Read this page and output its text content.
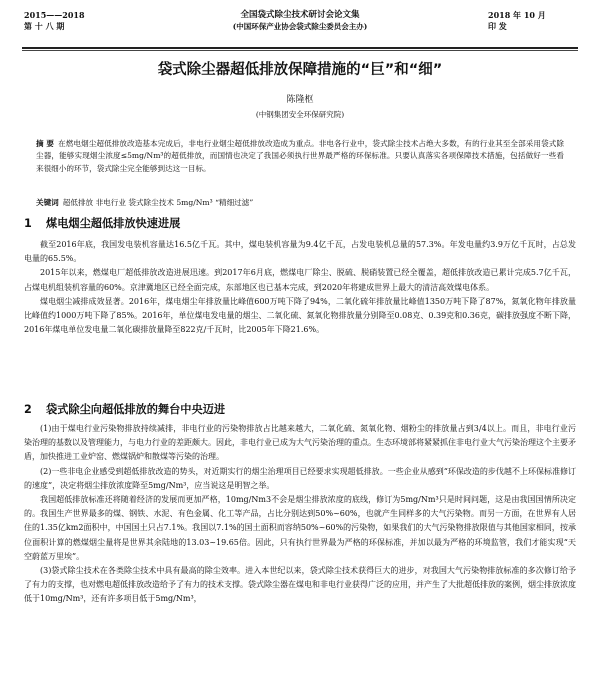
2015——2018
第 十 八 期
全国袋式除尘技术研讨会论文集
(中国环保产业协会袋式除尘委员会主办)
2018 年 10 月
印 发
袋式除尘器超低排放保障措施的“巨”和“细”
陈隆枢
(中钢集团安全环保研究院)
摘 要 在燃电烟尘超低排放改造基本完成后，非电行业烟尘超低排放改造成为重点。非电各行业中，袋式除尘技术占绝大多数，有的行业其至全部采用袋式除尘器，能够实现烟尘浓度≤5mg/Nm³的超低排放，而国情也决定了我国必须执行世界最严格的环保标准。只要认真落实各项保障技术措施，包括做好一些看来很细小的环节，袋式除尘完全能够到达这一目标。
关键词 超低排放 非电行业 袋式除尘技术 5mg/Nm³ “精细过滤”
1 煤电烟尘超低排放快速进展

截至2016年底，我国发电装机容量达16.5亿千瓦。其中，煤电装机容量为9.4亿千瓦，占发电装机总量的57.3%。年发电量约3.9万亿千瓦时，占总发电量的65.5%。

2015年以来，燃煤电厂超低排放改造进展迅速。到2017年6月底，燃煤电厂除尘、脱硫、脱硝装置已经全覆盖，超低排放改造已累计完成5.7亿千瓦，占煤电机组装机容量的60%。京津冀地区已经全面完成，东部地区也已基本完成，到2020年将建成世界上最大的清洁高效煤电体系。

煤电烟尘减排成效显著。2016年，煤电烟尘年排放量比峰值600万吨下降了94%，二氧化硫年排放量比峰值1350万吨下降了87%，氮氧化物年排放量比峰值约1000万吨下降了85%。2016年，单位煤电发电量的烟尘、二氧化硫、氮氧化物排放量分别降至0.08克、0.39克和0.36克，碳排放强度不断下降，2016年煤电单位发电量二氧化碳排放量降至822克/千瓦时，比2005年下降21.6%。

2 袋式除尘向超低排放的舞台中央迈进

(1)由于煤电行业污染物排放持续减排，非电行业的污染物排放占比越来越大，二氧化硫、氮氧化物、烟粉尘的排放量占到3/4以上。而且，非电行业污染治理的基数以及管理能力，与电力行业的差距颇大。因此，非电行业已成为大气污染治理的重点。生态环境部将紧紧抓住非电行业大气污染治理这个主要矛盾，加快推进工业炉窑、燃煤锅炉和散煤等污染的治理。

(2)一些非电企业感受到超低排放改造的势头，对近期实行的烟尘治理项目已经要求实现超低排放。一些企业从感到“环保改造的步伐越不上环保标准修订的速度”，决定将烟尘排放浓度降至5mg/Nm³，应当说这是明智之举。

我国超低排放标准还将随着经济的发展而更加严格，10mg/Nm3不会是烟尘排放浓度的底线，修订为5mg/Nm³只是时间问题，这是由我国国情所决定的。我国生产世界最多的煤、钢铁、水泥、有色金属、化工等产品，占比分别达到50%~60%，也就产生同样多的大气污染物。而另一方面，在世界有人居住的1.35亿km2面积中，中国国土只占7.1%。我国以7.1%的国土面积而容纳50%~60%的污染物，如果我们的大气污染物排放限值与其他国家相同，按承位面积计算的燃煤烟尘量将是世界其余陆地的13.03~19.65倍。因此，只有执行世界最为严格的环保标准，并加以最为严格的环境监管，我们才能实现“天空蔚蓝万里埃”。

(3)袋式除尘技术在各类除尘技术中具有最高的除尘效率。进入本世纪以来，袋式除尘技术获得巨大的进步，对我国大气污染物排放标准的多次修订给予了有力的支撑，也对燃电超低排放改造给予了有力的技术支撑。袋式除尘器在煤电和非电行业获得广泛的应用，并产生了大批超低排放的案例，烟尘排放浓度低于10mg/Nm³，还有许多项目低于5mg/Nm³，
